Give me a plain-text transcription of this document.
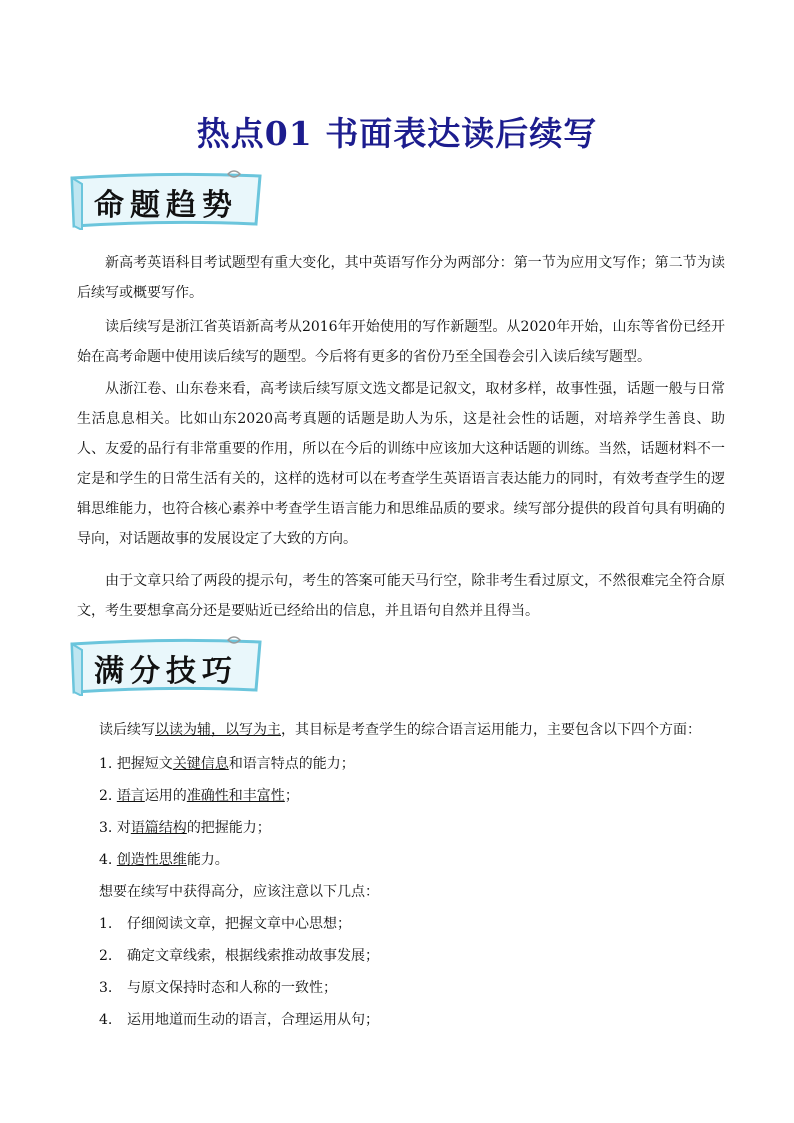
热点01 书面表达读后续写
命题趋势

新高考英语科目考试题型有重大变化，其中英语写作分为两部分：第一节为应用文写作；第二节为读后续写或概要写作。

读后续写是浙江省英语新高考从2016年开始使用的写作新题型。从2020年开始，山东等省份已经开始在高考命题中使用读后续写的题型。今后将有更多的省份乃至全国卷会引入读后续写题型。

从浙江卷、山东卷来看，高考读后续写原文选文都是记叙文，取材多样，故事性强，话题一般与日常生活息息相关。比如山东2020高考真题的话题是助人为乐，这是社会性的话题，对培养学生善良、助人、友爱的品行有非常重要的作用，所以在今后的训练中应该加大这种话题的训练。当然，话题材料不一定是和学生的日常生活有关的，这样的选材可以在考查学生英语语言表达能力的同时，有效考查学生的逻辑思维能力，也符合核心素养中考查学生语言能力和思维品质的要求。续写部分提供的段首句具有明确的导向，对话题故事的发展设定了大致的方向。

由于文章只给了两段的提示句，考生的答案可能天马行空，除非考生看过原文，不然很难完全符合原文，考生要想拿高分还是要贴近已经给出的信息，并且语句自然并且得当。

满分技巧
读后续写以读为辅，以写为主，其目标是考查学生的综合语言运用能力，主要包含以下四个方面：
1. 把握短文关键信息和语言特点的能力；
2. 语言运用的准确性和丰富性；
3. 对语篇结构的把握能力；
4. 创造性思维能力。
想要在续写中获得高分，应该注意以下几点：
1. 仔细阅读文章，把握文章中心思想；
2. 确定文章线索，根据线索推动故事发展；
3. 与原文保持时态和人称的一致性；
4. 运用地道而生动的语言，合理运用从句；
